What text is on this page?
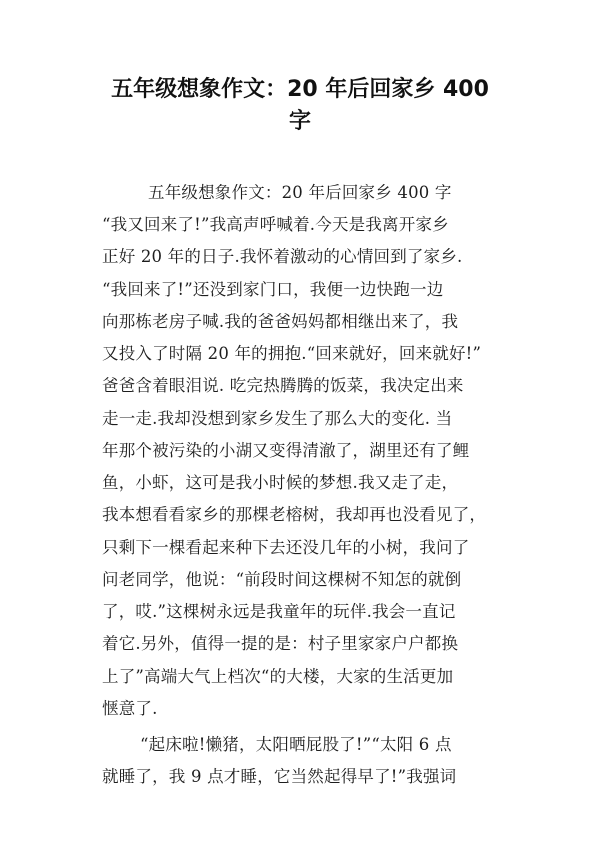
五年级想象作文：20 年后回家乡 400
字
五年级想象作文：20 年后回家乡 400 字
“我又回来了!”我高声呼喊着.今天是我离开家乡
正好 20 年的日子.我怀着激动的心情回到了家乡.
“我回来了!”还没到家门口，我便一边快跑一边
向那栋老房子喊.我的爸爸妈妈都相继出来了，我
又投入了时隔 20 年的拥抱.“回来就好，回来就好!”
爸爸含着眼泪说. 吃完热腾腾的饭菜，我决定出来
走一走.我却没想到家乡发生了那么大的变化. 当
年那个被污染的小湖又变得清澈了，湖里还有了鲤
鱼，小虾，这可是我小时候的梦想.我又走了走，
我本想看看家乡的那棵老榕树，我却再也没看见了，
只剩下一棵看起来种下去还没几年的小树，我问了
问老同学，他说：“前段时间这棵树不知怎的就倒
了，哎.”这棵树永远是我童年的玩伴.我会一直记
着它.另外，值得一提的是：村子里家家户户都换
上了”高端大气上档次“的大楼，大家的生活更加
惬意了.
“起床啦!懒猪，太阳晒屁股了!”“太阳 6 点
就睡了，我 9 点才睡，它当然起得早了!”我强词
